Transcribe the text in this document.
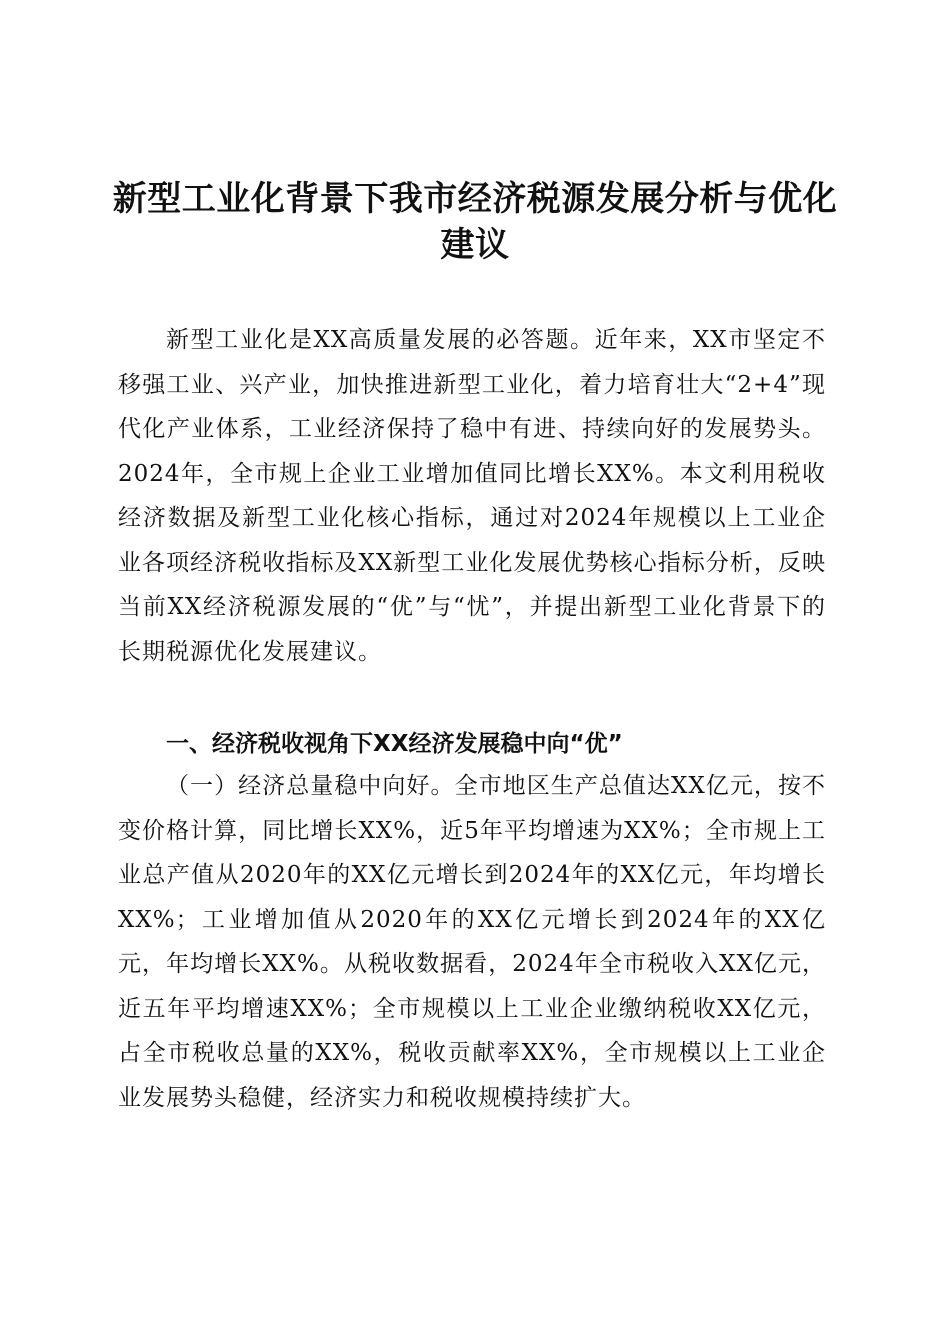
新型工业化背景下我市经济税源发展分析与优化建议

新型工业化是XX高质量发展的必答题。近年来，XX市坚定不移强工业、兴产业，加快推进新型工业化，着力培育壮大“2+4”现代化产业体系，工业经济保持了稳中有进、持续向好的发展势头。2024年，全市规上企业工业增加值同比增长XX%。本文利用税收经济数据及新型工业化核心指标，通过对2024年规模以上工业企业各项经济税收指标及XX新型工业化发展优势核心指标分析，反映当前XX经济税源发展的“优”与“忧”，并提出新型工业化背景下的长期税源优化发展建议。

一、经济税收视角下XX经济发展稳中向“优”

（一）经济总量稳中向好。全市地区生产总值达XX亿元，按不变价格计算，同比增长XX%，近5年平均增速为XX%；全市规上工业总产值从2020年的XX亿元增长到2024年的XX亿元，年均增长XX%；工业增加值从2020年的XX亿元增长到2024年的XX亿元，年均增长XX%。从税收数据看，2024年全市税收入XX亿元，近五年平均增速XX%；全市规模以上工业企业缴纳税收XX亿元，占全市税收总量的XX%，税收贡献率XX%，全市规模以上工业企业发展势头稳健，经济实力和税收规模持续扩大。
